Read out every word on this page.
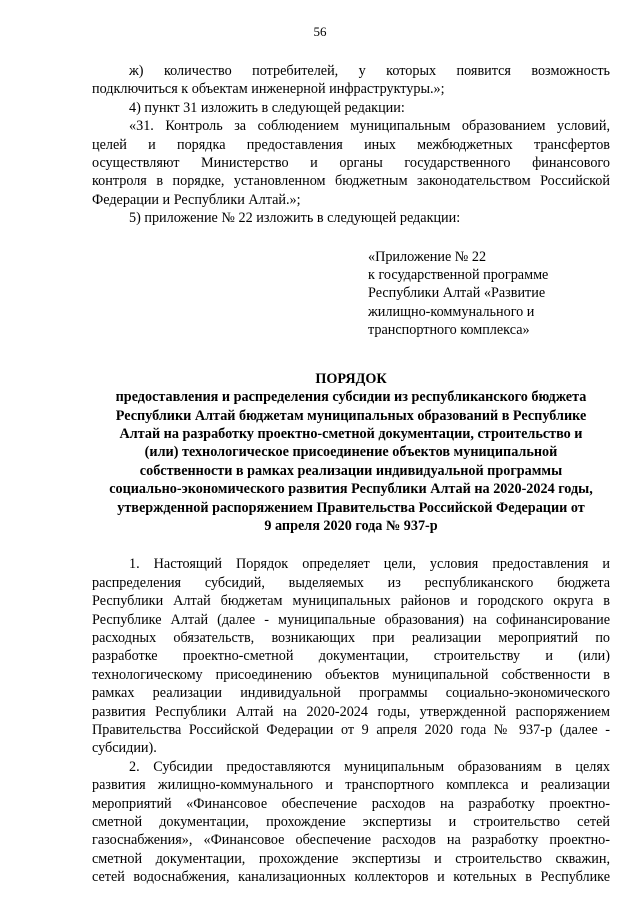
56

ж) количество потребителей, у которых появится возможность

подключиться к объектам инженерной инфраструктуры.»;

4) пункт 31 изложить в следующей редакции:

«31. Контроль за соблюдением муниципальным образованием условий,

целей и порядка предоставления иных межбюджетных трансфертов

осуществляют Министерство и органы государственного финансового

контроля в порядке, установленном бюджетным законодательством Российской

Федерации и Республики Алтай.»;

5) приложение № 22 изложить в следующей редакции:

«Приложение № 22
к государственной программе
Республики Алтай «Развитие
жилищно-коммунального и
транспортного комплекса»
ПОРЯДОК
предоставления и распределения субсидии из республиканского бюджета
Республики Алтай бюджетам муниципальных образований в Республике
Алтай на разработку проектно-сметной документации, строительство и
(или) технологическое присоединение объектов муниципальной
собственности в рамках реализации индивидуальной программы
социально-экономического развития Республики Алтай на 2020-2024 годы,
утвержденной распоряжением Правительства Российской Федерации от
9 апреля 2020 года № 937-р

1. Настоящий Порядок определяет цели, условия предоставления и

распределения субсидий, выделяемых из республиканского бюджета

Республики Алтай бюджетам муниципальных районов и городского округа в

Республике Алтай (далее - муниципальные образования) на софинансирование

расходных обязательств, возникающих при реализации мероприятий по

разработке проектно-сметной документации, строительству и (или)

технологическому присоединению объектов муниципальной собственности в

рамках реализации индивидуальной программы социально-экономического

развития Республики Алтай на 2020-2024 годы, утвержденной распоряжением

Правительства Российской Федерации от 9 апреля 2020 года № 937-р (далее -

субсидии).

2. Субсидии предоставляются муниципальным образованиям в целях

развития жилищно-коммунального и транспортного комплекса и реализации

мероприятий «Финансовое обеспечение расходов на разработку проектно-

сметной документации, прохождение экспертизы и строительство сетей

газоснабжения», «Финансовое обеспечение расходов на разработку проектно-

сметной документации, прохождение экспертизы и строительство скважин,

сетей водоснабжения, канализационных коллекторов и котельных в Республике
